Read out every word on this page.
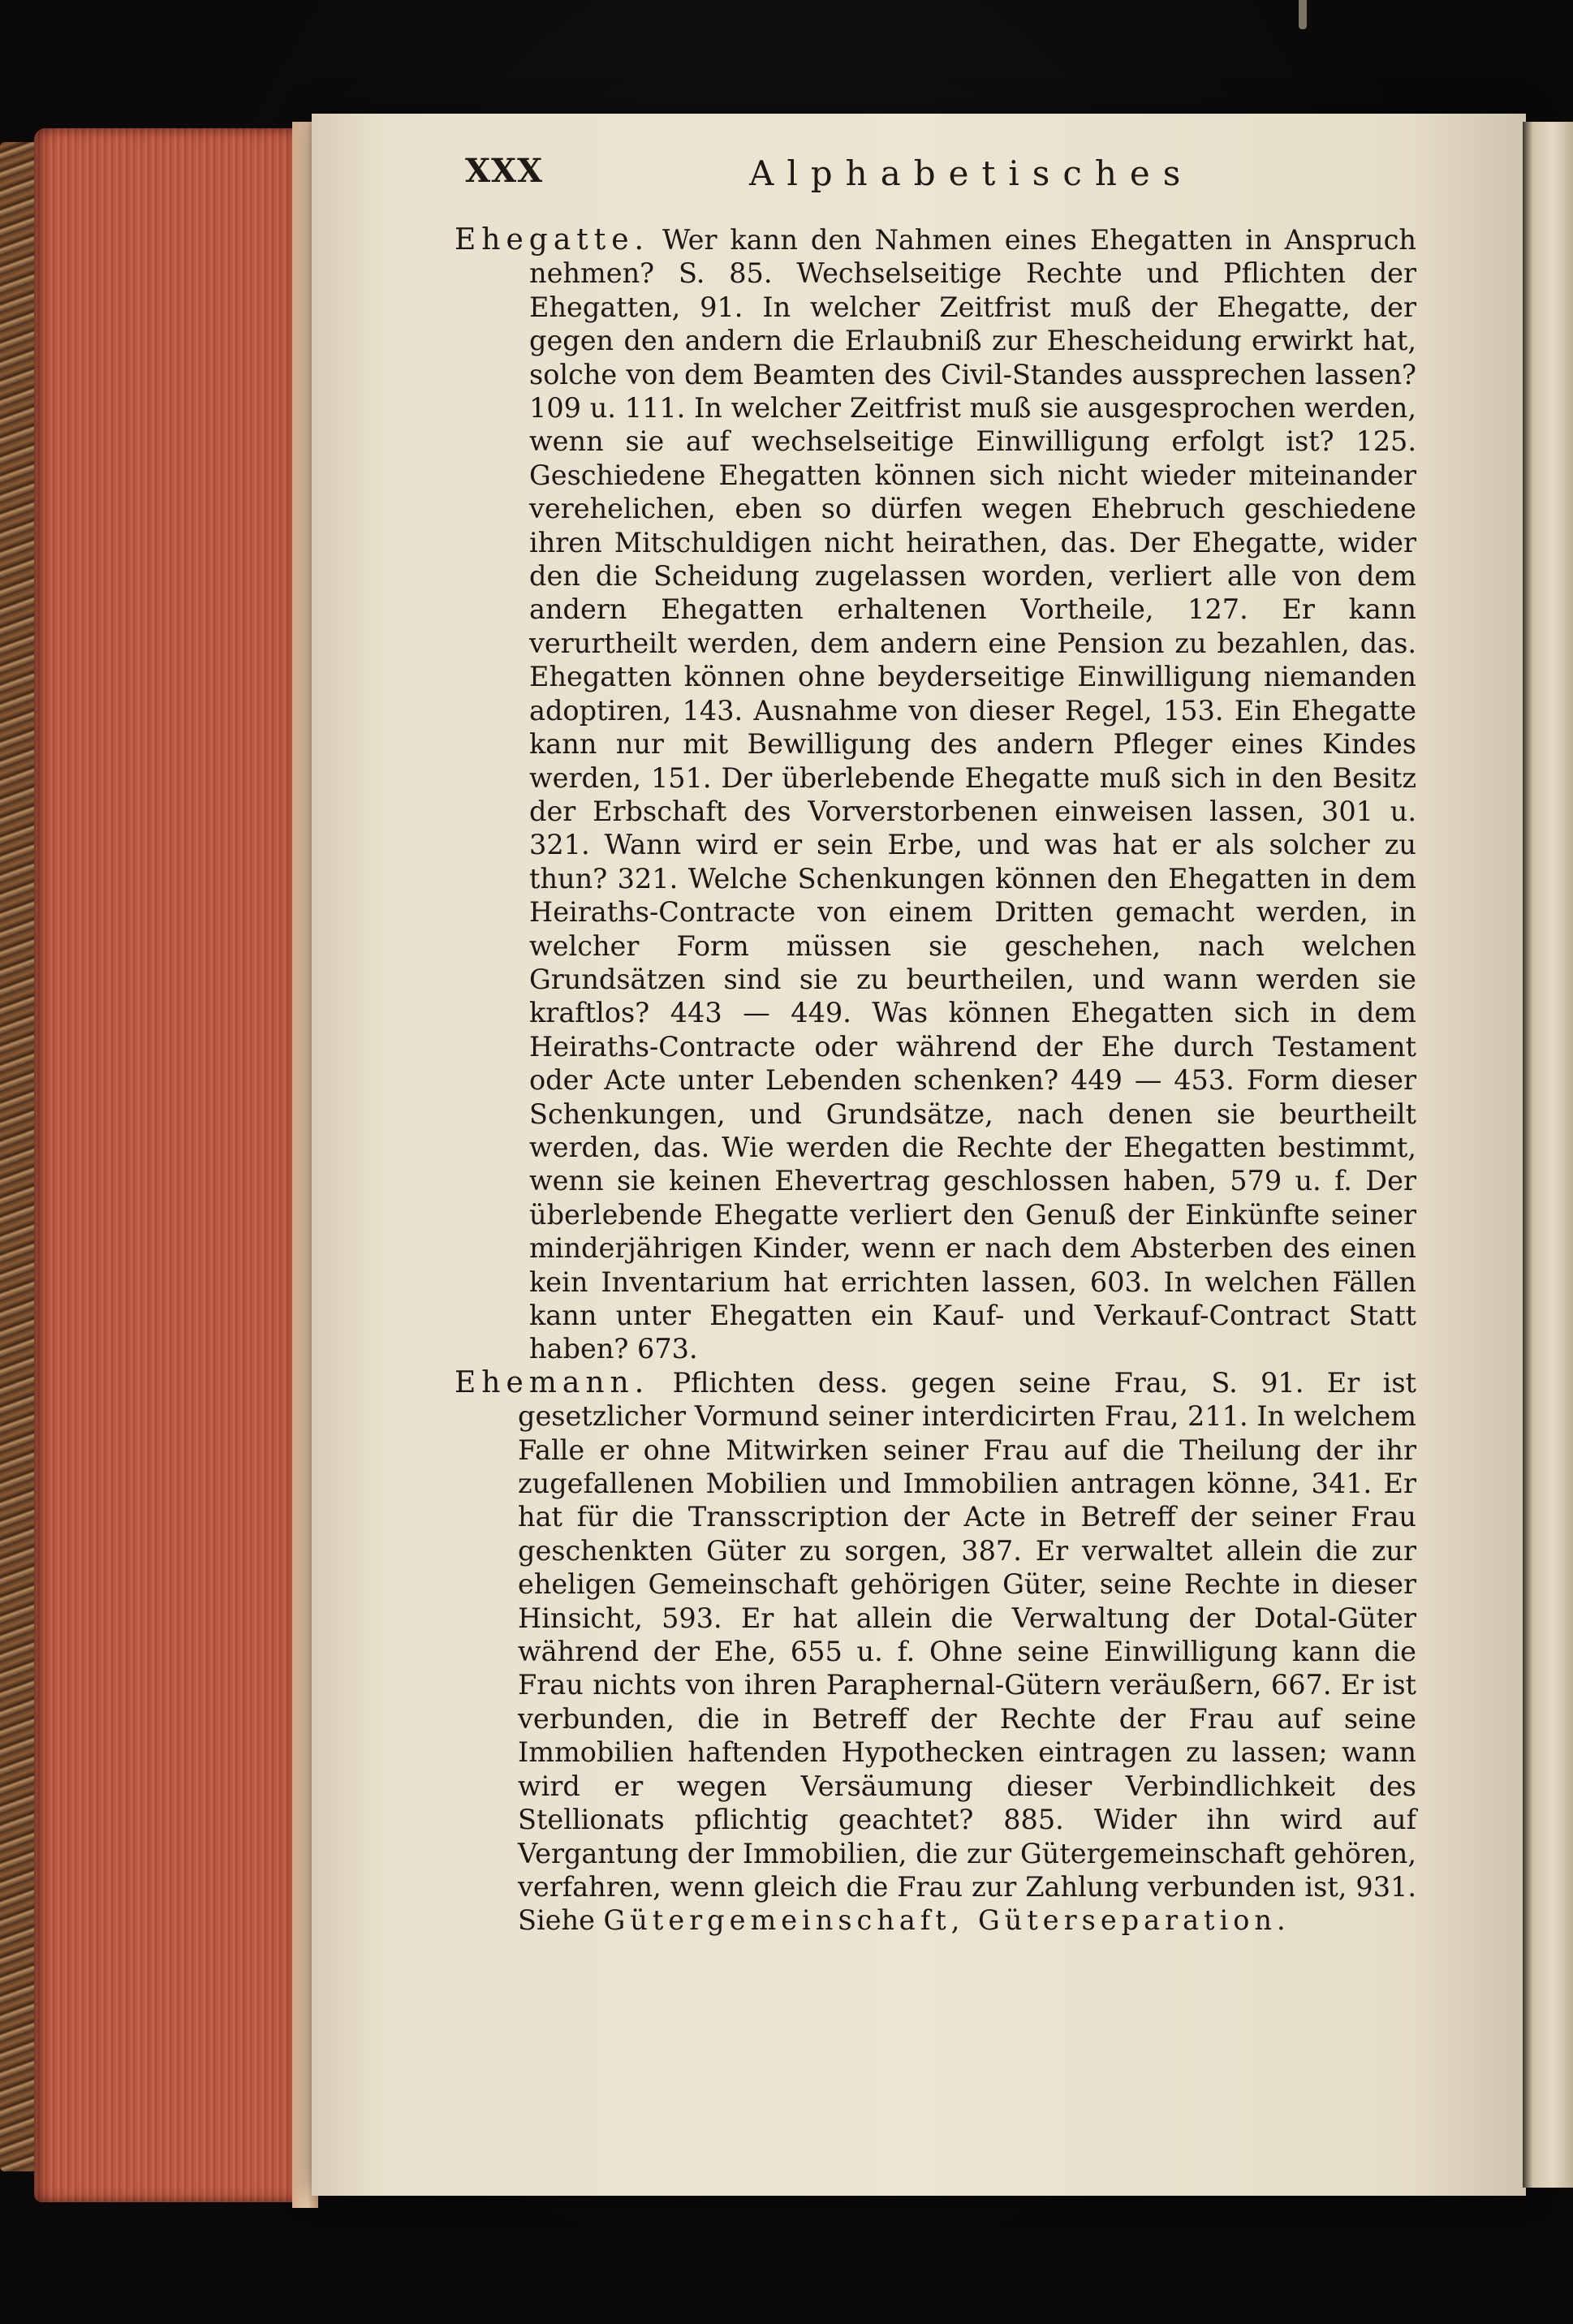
XXX	Alphabetisches
Ehegatte. Wer kann den Nahmen eines Ehegatten in Anspruch nehmen? S. 85. Wechselseitige Rechte und Pflichten der Ehegatten, 91. In welcher Zeitfrist muß der Ehegatte, der gegen den andern die Erlaubniß zur Ehescheidung erwirkt hat, solche von dem Beamten des Civil-Standes aussprechen lassen? 109 u. 111. In welcher Zeitfrist muß sie ausgesprochen werden, wenn sie auf wechselseitige Einwilligung erfolgt ist? 125. Geschiedene Ehegatten können sich nicht wieder miteinander verehelichen, eben so dürfen wegen Ehebruch geschiedene ihren Mitschuldigen nicht heirathen, das. Der Ehegatte, wider den die Scheidung zugelassen worden, verliert alle von dem andern Ehegatten erhaltenen Vortheile, 127. Er kann verurtheilt werden, dem andern eine Pension zu bezahlen, das. Ehegatten können ohne beyderseitige Einwilligung niemanden adoptiren, 143. Ausnahme von dieser Regel, 153. Ein Ehegatte kann nur mit Bewilligung des andern Pfleger eines Kindes werden, 151. Der überlebende Ehegatte muß sich in den Besitz der Erbschaft des Vorverstorbenen einweisen lassen, 301 u. 321. Wann wird er sein Erbe, und was hat er als solcher zu thun? 321. Welche Schenkungen können den Ehegatten in dem Heiraths-Contracte von einem Dritten gemacht werden, in welcher Form müssen sie geschehen, nach welchen Grundsätzen sind sie zu beurtheilen, und wann werden sie kraftlos? 443 — 449. Was können Ehegatten sich in dem Heiraths-Contracte oder während der Ehe durch Testament oder Acte unter Lebenden schenken? 449 — 453. Form dieser Schenkungen, und Grundsätze, nach denen sie beurtheilt werden, das. Wie werden die Rechte der Ehegatten bestimmt, wenn sie keinen Ehevertrag geschlossen haben, 579 u. f. Der überlebende Ehegatte verliert den Genuß der Einkünfte seiner minderjährigen Kinder, wenn er nach dem Absterben des einen kein Inventarium hat errichten lassen, 603. In welchen Fällen kann unter Ehegatten ein Kauf- und Verkauf-Contract Statt haben? 673.
Ehemann. Pflichten dess. gegen seine Frau, S. 91. Er ist gesetzlicher Vormund seiner interdicirten Frau, 211. In welchem Falle er ohne Mitwirken seiner Frau auf die Theilung der ihr zugefallenen Mobilien und Immobilien antragen könne, 341. Er hat für die Transscription der Acte in Betreff der seiner Frau geschenkten Güter zu sorgen, 387. Er verwaltet allein die zur eheligen Gemeinschaft gehörigen Güter, seine Rechte in dieser Hinsicht, 593. Er hat allein die Verwaltung der Dotal-Güter während der Ehe, 655 u. f. Ohne seine Einwilligung kann die Frau nichts von ihren Paraphernal-Gütern veräußern, 667. Er ist verbunden, die in Betreff der Rechte der Frau auf seine Immobilien haftenden Hypothecken eintragen zu lassen; wann wird er wegen Versäumung dieser Verbindlichkeit des Stellionats pflichtig geachtet? 885. Wider ihn wird auf Vergantung der Immobilien, die zur Gütergemeinschaft gehören, verfahren, wenn gleich die Frau zur Zahlung verbunden ist, 931. Siehe Gütergemeinschaft, Güterseparation.
